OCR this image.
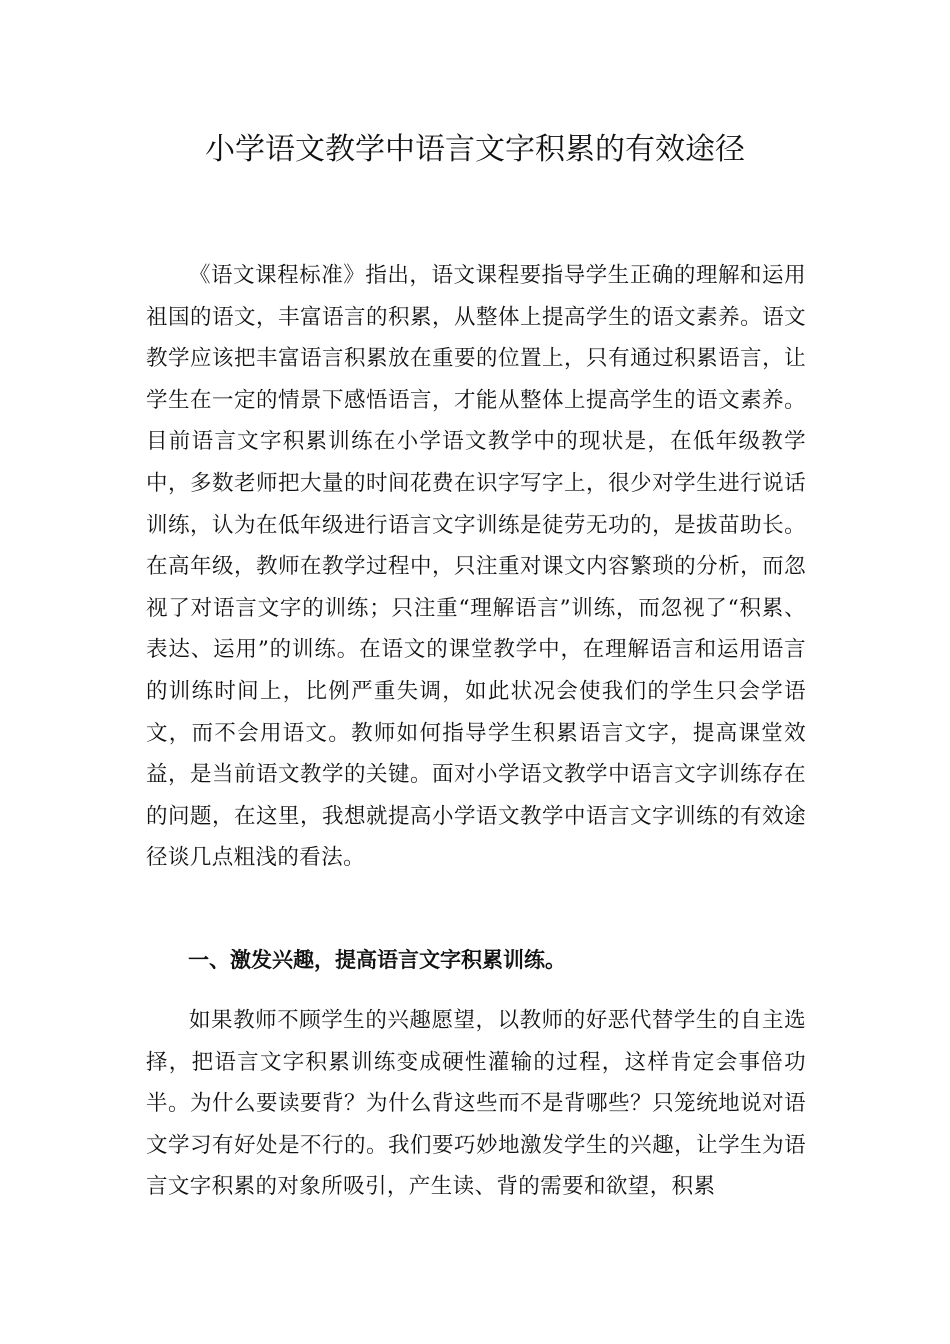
小学语文教学中语言文字积累的有效途径

《语文课程标准》指出，语文课程要指导学生正确的理解和运用祖国的语文，丰富语言的积累，从整体上提高学生的语文素养。语文教学应该把丰富语言积累放在重要的位置上，只有通过积累语言，让学生在一定的情景下感悟语言，才能从整体上提高学生的语文素养。目前语言文字积累训练在小学语文教学中的现状是，在低年级教学中，多数老师把大量的时间花费在识字写字上，很少对学生进行说话训练，认为在低年级进行语言文字训练是徒劳无功的，是拔苗助长。在高年级，教师在教学过程中，只注重对课文内容繁琐的分析，而忽视了对语言文字的训练；只注重“理解语言”训练，而忽视了“积累、表达、运用”的训练。在语文的课堂教学中，在理解语言和运用语言的训练时间上，比例严重失调，如此状况会使我们的学生只会学语文，而不会用语文。教师如何指导学生积累语言文字，提高课堂效益，是当前语文教学的关键。面对小学语文教学中语言文字训练存在的问题，在这里，我想就提高小学语文教学中语言文字训练的有效途径谈几点粗浅的看法。

一、激发兴趣，提高语言文字积累训练。

如果教师不顾学生的兴趣愿望，以教师的好恶代替学生的自主选择，把语言文字积累训练变成硬性灌输的过程，这样肯定会事倍功半。为什么要读要背？为什么背这些而不是背哪些？只笼统地说对语文学习有好处是不行的。我们要巧妙地激发学生的兴趣，让学生为语言文字积累的对象所吸引，产生读、背的需要和欲望，积累
